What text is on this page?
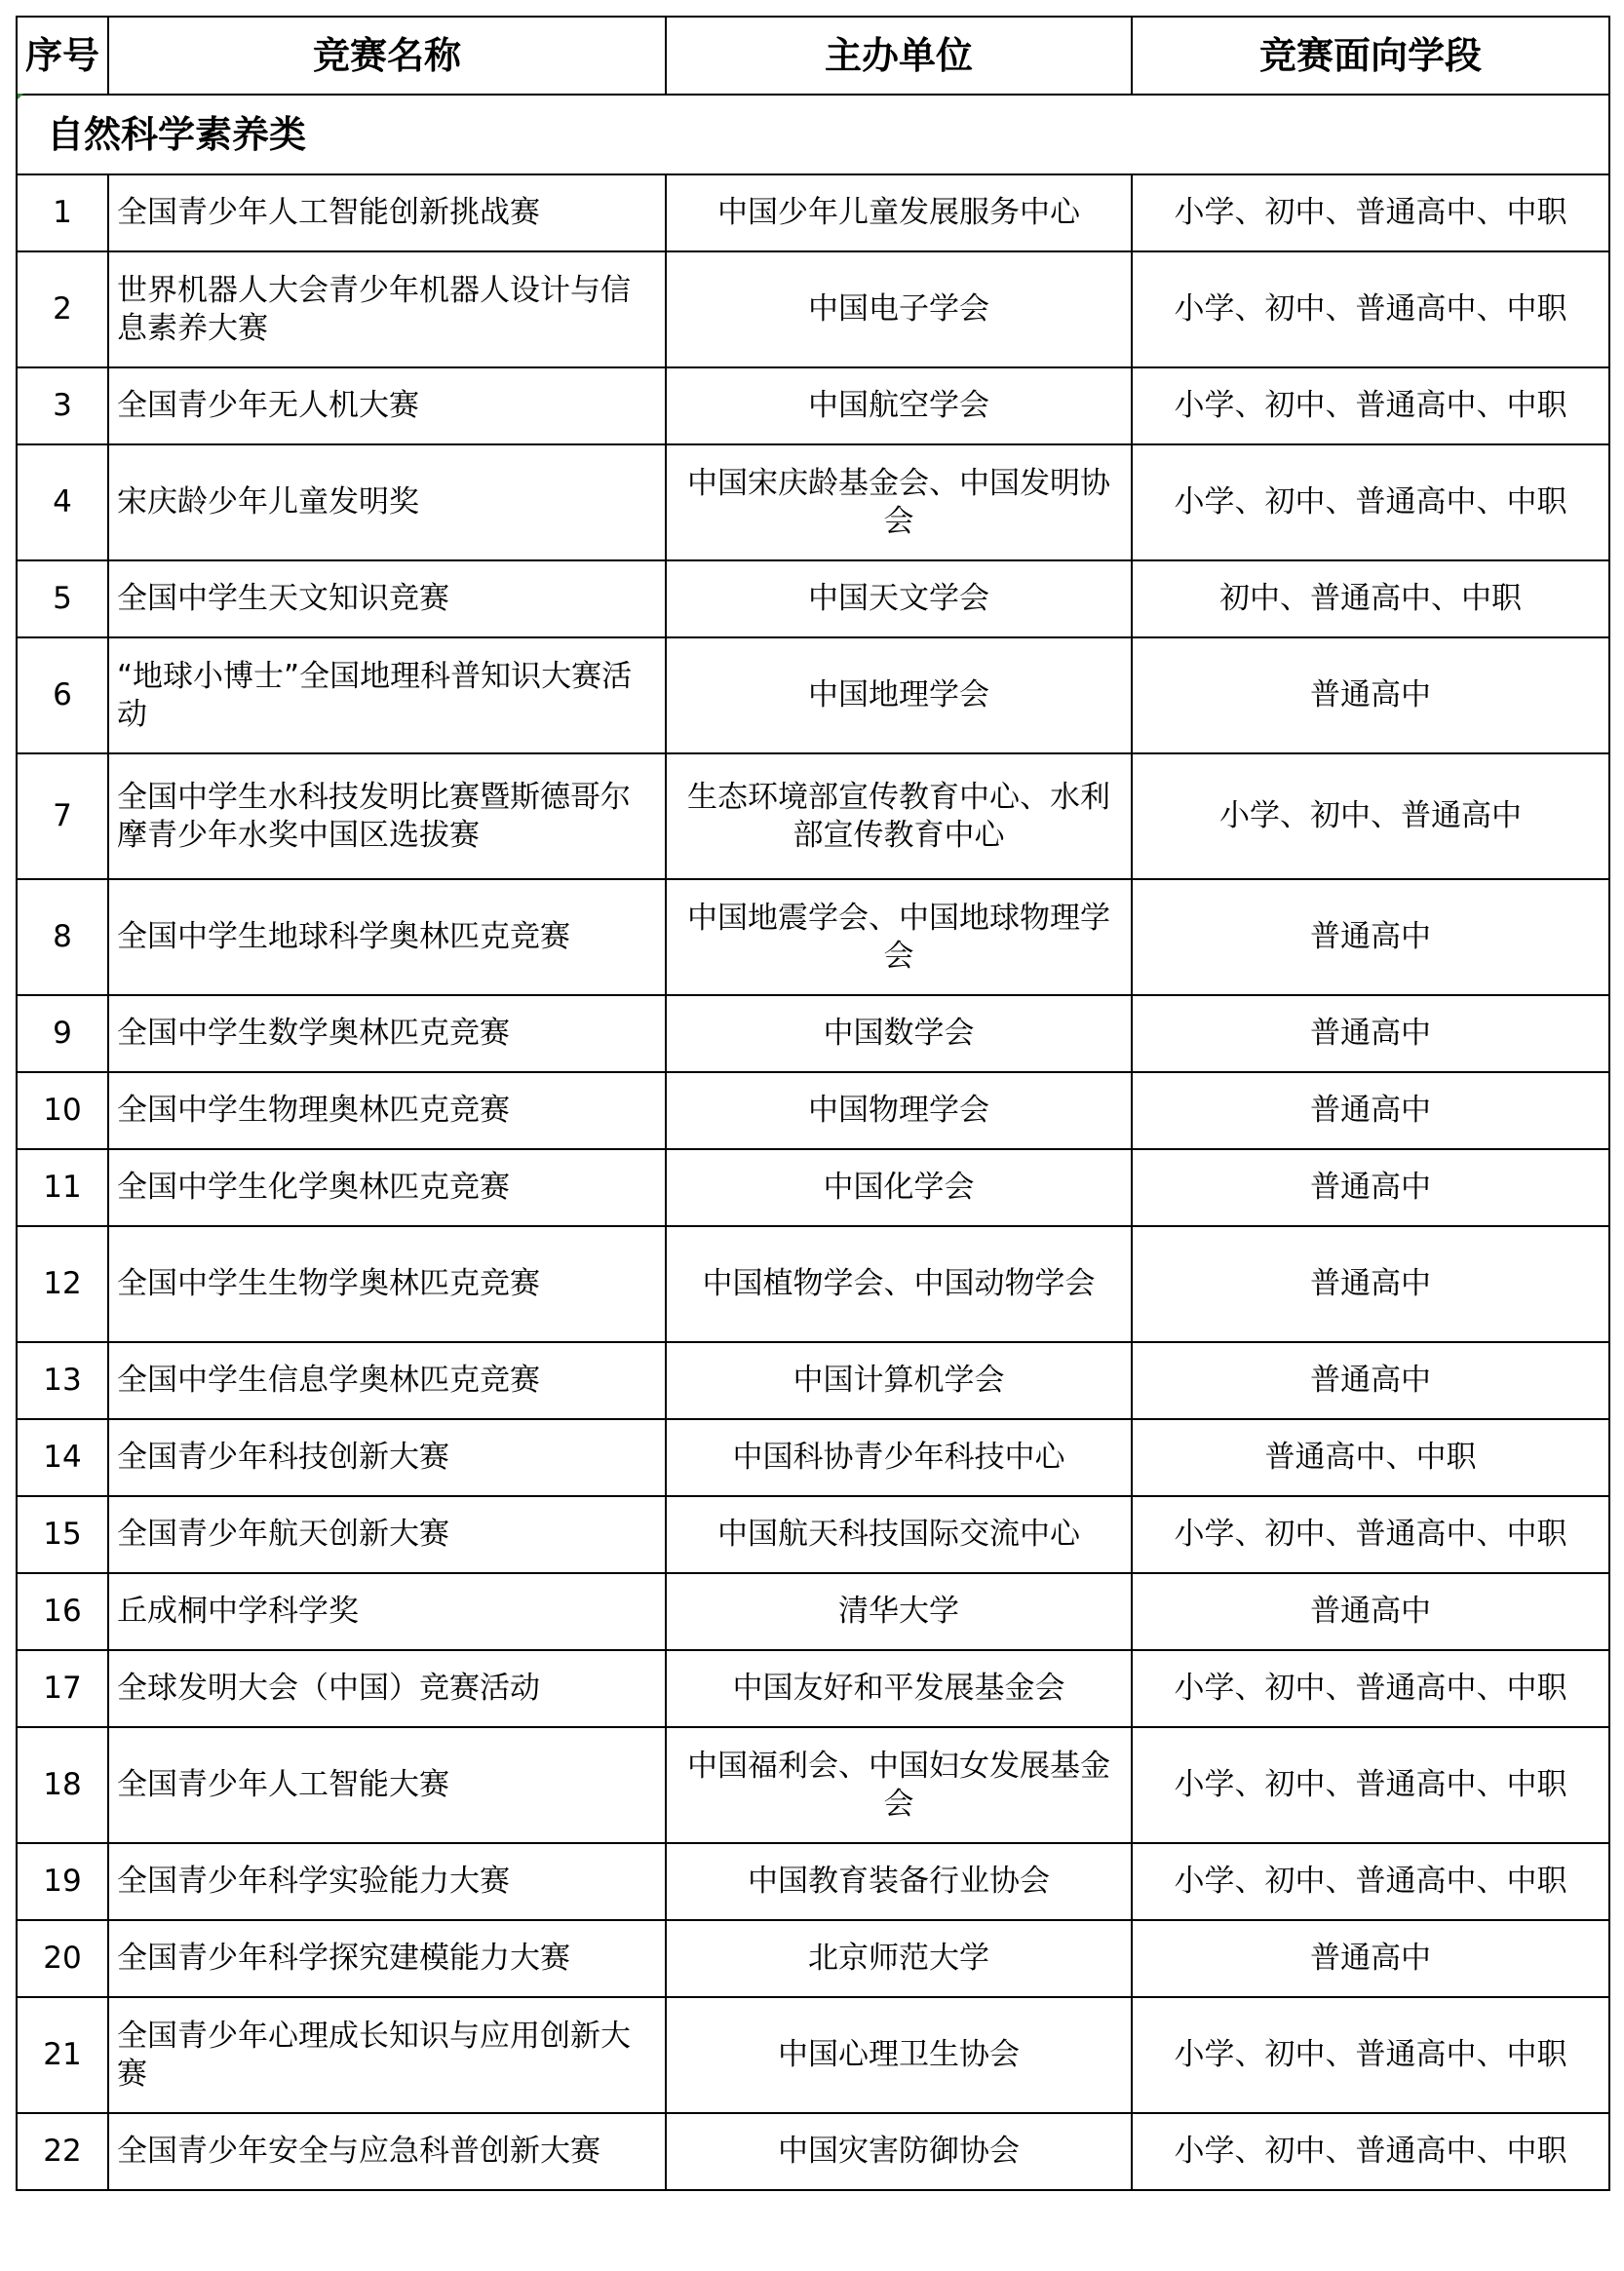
序号	竞赛名称	主办单位	竞赛面向学段
自然科学素养类			
1	全国青少年人工智能创新挑战赛	中国少年儿童发展服务中心	小学、初中、普通高中、中职
2	世界机器人大会青少年机器人设计与信息素养大赛	中国电子学会	小学、初中、普通高中、中职
3	全国青少年无人机大赛	中国航空学会	小学、初中、普通高中、中职
4	宋庆龄少年儿童发明奖	中国宋庆龄基金会、中国发明协会	小学、初中、普通高中、中职
5	全国中学生天文知识竞赛	中国天文学会	初中、普通高中、中职
6	“地球小博士”全国地理科普知识大赛活动	中国地理学会	普通高中
7	全国中学生水科技发明比赛暨斯德哥尔摩青少年水奖中国区选拔赛	生态环境部宣传教育中心、水利部宣传教育中心	小学、初中、普通高中
8	全国中学生地球科学奥林匹克竞赛	中国地震学会、中国地球物理学会	普通高中
9	全国中学生数学奥林匹克竞赛	中国数学会	普通高中
10	全国中学生物理奥林匹克竞赛	中国物理学会	普通高中
11	全国中学生化学奥林匹克竞赛	中国化学会	普通高中
12	全国中学生生物学奥林匹克竞赛	中国植物学会、中国动物学会	普通高中
13	全国中学生信息学奥林匹克竞赛	中国计算机学会	普通高中
14	全国青少年科技创新大赛	中国科协青少年科技中心	普通高中、中职
15	全国青少年航天创新大赛	中国航天科技国际交流中心	小学、初中、普通高中、中职
16	丘成桐中学科学奖	清华大学	普通高中
17	全球发明大会（中国）竞赛活动	中国友好和平发展基金会	小学、初中、普通高中、中职
18	全国青少年人工智能大赛	中国福利会、中国妇女发展基金会	小学、初中、普通高中、中职
19	全国青少年科学实验能力大赛	中国教育装备行业协会	小学、初中、普通高中、中职
20	全国青少年科学探究建模能力大赛	北京师范大学	普通高中
21	全国青少年心理成长知识与应用创新大赛	中国心理卫生协会	小学、初中、普通高中、中职
22	全国青少年安全与应急科普创新大赛	中国灾害防御协会	小学、初中、普通高中、中职
